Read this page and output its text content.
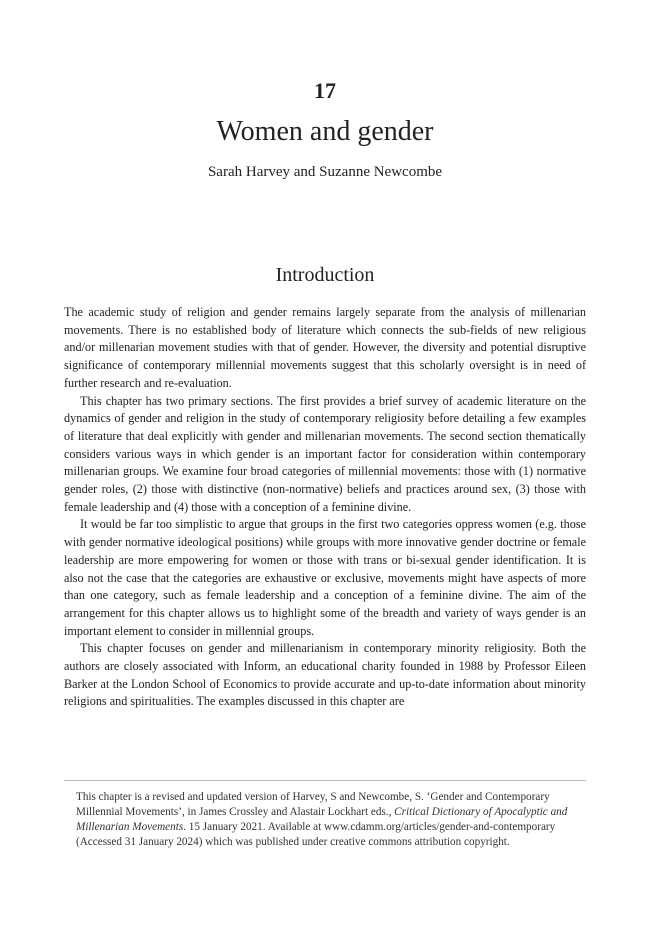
17
Women and gender
Sarah Harvey and Suzanne Newcombe
Introduction

The academic study of religion and gender remains largely separate from the analysis of millenarian movements. There is no established body of literature which connects the sub-fields of new religious and/or millenarian movement studies with that of gender. However, the diversity and potential disruptive significance of contemporary millennial movements suggest that this scholarly oversight is in need of further research and re-evaluation.

This chapter has two primary sections. The first provides a brief survey of academic literature on the dynamics of gender and religion in the study of contemporary religiosity before detailing a few examples of literature that deal explicitly with gender and millenarian movements. The second section thematically considers various ways in which gender is an important factor for consideration within contemporary millenarian groups. We examine four broad categories of millennial movements: those with (1) normative gender roles, (2) those with distinctive (non-normative) beliefs and practices around sex, (3) those with female leadership and (4) those with a conception of a feminine divine.

It would be far too simplistic to argue that groups in the first two categories oppress women (e.g. those with gender normative ideological positions) while groups with more innovative gender doctrine or female leadership are more empowering for women or those with trans or bi-sexual gender identification. It is also not the case that the categories are exhaustive or exclusive, movements might have aspects of more than one category, such as female leadership and a conception of a feminine divine. The aim of the arrangement for this chapter allows us to highlight some of the breadth and variety of ways gender is an important element to consider in millennial groups.

This chapter focuses on gender and millenarianism in contemporary minority religiosity. Both the authors are closely associated with Inform, an educational charity founded in 1988 by Professor Eileen Barker at the London School of Economics to provide accurate and up-to-date information about minority religions and spiritualities. The examples discussed in this chapter are

This chapter is a revised and updated version of Harvey, S and Newcombe, S. ‘Gender and Contemporary Millennial Movements’, in James Crossley and Alastair Lockhart eds., Critical Dictionary of Apocalyptic and Millenarian Movements. 15 January 2021. Available at www.cdamm.org/articles/gender-and-contemporary (Accessed 31 January 2024) which was published under creative commons attribution copyright.
